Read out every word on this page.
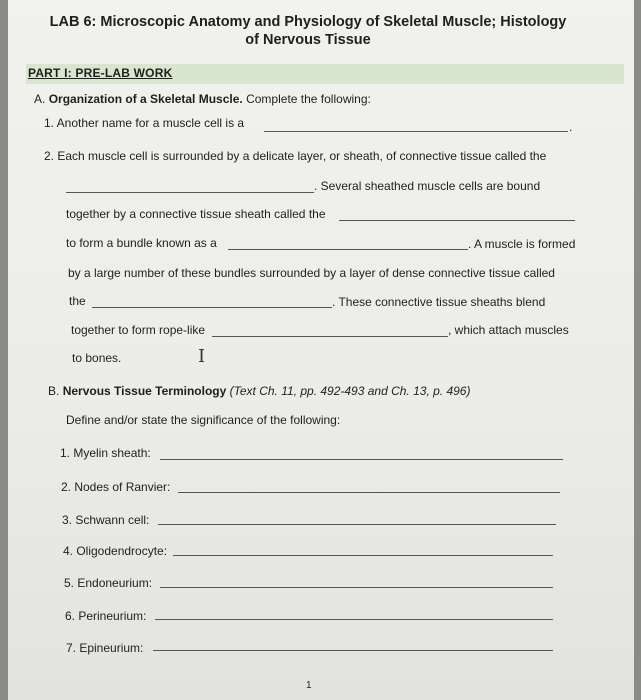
LAB 6: Microscopic Anatomy and Physiology of Skeletal Muscle; Histology
of Nervous Tissue
PART I: PRE-LAB WORK
A. Organization of a Skeletal Muscle. Complete the following:
1. Another name for a muscle cell is a	.
2. Each muscle cell is surrounded by a delicate layer, or sheath, of connective tissue called the
. Several sheathed muscle cells are bound
together by a connective tissue sheath called the
to form a bundle known as a	. A muscle is formed
by a large number of these bundles surrounded by a layer of dense connective tissue called
the	. These connective tissue sheaths blend
together to form rope-like	, which attach muscles
to bones.	I
B. Nervous Tissue Terminology (Text Ch. 11, pp. 492-493 and Ch. 13, p. 496)
Define and/or state the significance of the following:
1. Myelin sheath:
2. Nodes of Ranvier:
3. Schwann cell:
4. Oligodendrocyte:
5. Endoneurium:
6. Perineurium:
7. Epineurium:
1
